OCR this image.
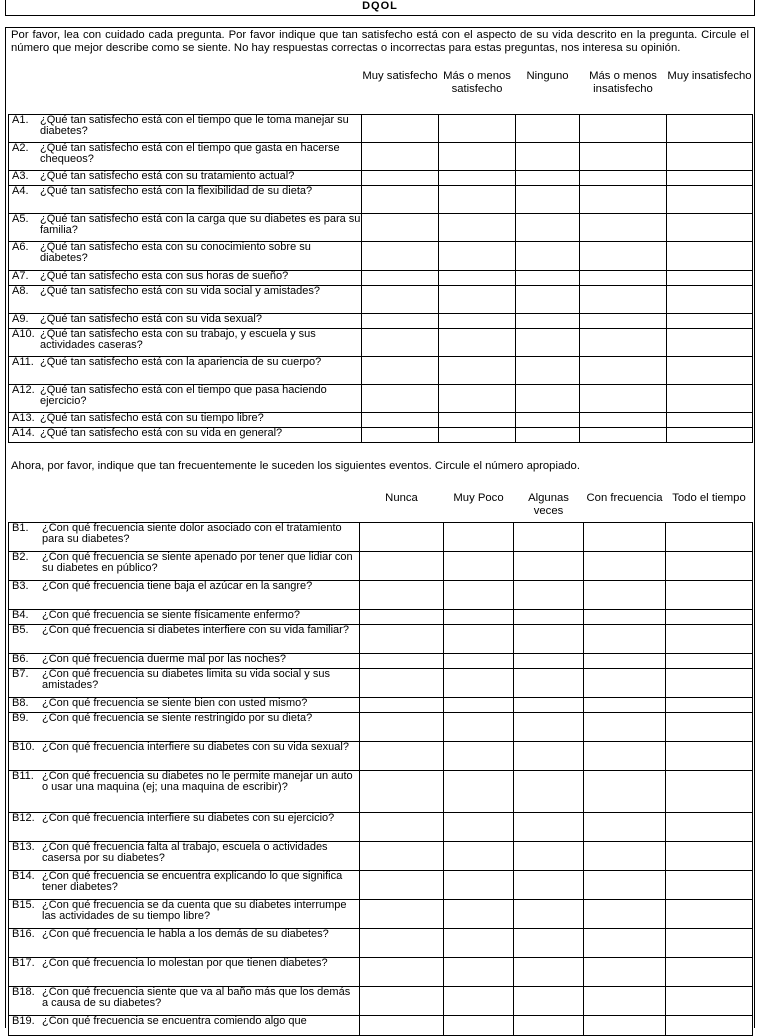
DQOL
Por favor, lea con cuidado cada pregunta. Por favor indique que tan satisfecho está con el aspecto de su vida descrito en la pregunta. Circule el número que mejor describe como se siente. No hay respuestas correctas o incorrectas para estas preguntas, nos interesa su opinión.
	Muy satisfecho	Más o menos satisfecho	Ninguno	Más o menos insatisfecho	Muy insatisfecho

A1. ¿Qué tan satisfecho está con el tiempo que le toma manejar su diabetes?					

A2. ¿Qué tan satisfecho está con el tiempo que gasta en hacerse chequeos?					

A3. ¿Qué tan satisfecho está con su tratamiento actual?					

A4. ¿Qué tan satisfecho está con la flexibilidad de su dieta?					

A5. ¿Qué tan satisfecho está con la carga que su diabetes es para su familia?					

A6. ¿Qué tan satisfecho esta con su conocimiento sobre su diabetes?					

A7. ¿Qué tan satisfecho esta con sus horas de sueño?					

A8. ¿Qué tan satisfecho está con su vida social y amistades?					

A9. ¿Qué tan satisfecho está con su vida sexual?					

A10. ¿Qué tan satisfecho esta con su trabajo, y escuela y sus actividades caseras?					

A11. ¿Qué tan satisfecho está con la apariencia de su cuerpo?					

A12. ¿Qué tan satisfecho está con el tiempo que pasa haciendo ejercicio?					

A13. ¿Qué tan satisfecho está con su tiempo libre?					

A14. ¿Qué tan satisfecho está con su vida en general?					

Ahora, por favor, indique que tan frecuentemente le suceden los siguientes eventos. Circule el número apropiado.
	Nunca	Muy Poco	Algunas veces	Con frecuencia	Todo el tiempo

B1. ¿Con qué frecuencia siente dolor asociado con el tratamiento para su diabetes?					

B2. ¿Con qué frecuencia se siente apenado por tener que lidiar con su diabetes en público?					

B3. ¿Con qué frecuencia tiene baja el azúcar en la sangre?					

B4. ¿Con qué frecuencia se siente físicamente enfermo?					

B5. ¿Con qué frecuencia si diabetes interfiere con su vida familiar?					

B6. ¿Con qué frecuencia duerme mal por las noches?					

B7. ¿Con qué frecuencia su diabetes limita su vida social y sus amistades?					

B8. ¿Con qué frecuencia se siente bien con usted mismo?					

B9. ¿Con qué frecuencia se siente restringido por su dieta?					

B10. ¿Con qué frecuencia interfiere su diabetes con su vida sexual?					

B11. ¿Con qué frecuencia su diabetes no le permite manejar un auto o usar una maquina (ej; una maquina de escribir)?					

B12. ¿Con qué frecuencia interfiere su diabetes con su ejercicio?					

B13. ¿Con qué frecuencia falta al trabajo, escuela o actividades casersa por su diabetes?					

B14. ¿Con qué frecuencia se encuentra explicando lo que significa tener diabetes?					

B15. ¿Con qué frecuencia se da cuenta que su diabetes interrumpe las actividades de su tiempo libre?					

B16. ¿Con qué frecuencia le habla a los demás de su diabetes?					

B17. ¿Con qué frecuencia lo molestan por que tienen diabetes?					

B18. ¿Con qué frecuencia siente que va al baño más que los demás a causa de su diabetes?					

B19. ¿Con qué frecuencia se encuentra comiendo algo que					
